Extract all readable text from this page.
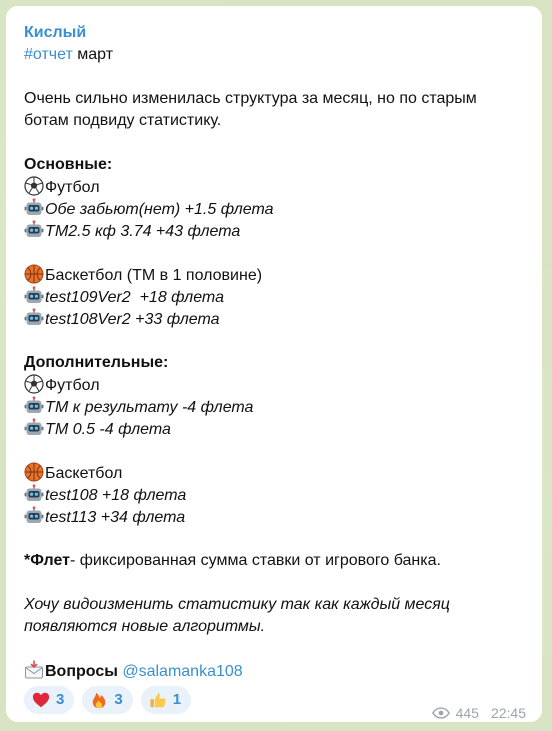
Кислый
#отчет март
Очень сильно изменилась структура за месяц, но по старым
ботам подвиду статистику.
Основные:
Футбол
Обе забьют(нет) +1.5 флета
ТМ2.5 кф 3.74 +43 флета
Баскетбол (ТМ в 1 половине)
test109Ver2  +18 флета
test108Ver2 +33 флета
Дополнительные:
Футбол
ТМ к результату -4 флета
ТМ 0.5 -4 флета
Баскетбол
test108 +18 флета
test113 +34 флета
*Флет- фиксированная сумма ставки от игрового банка.
Хочу видоизменить статистику так как каждый месяц
появляются новые алгоритмы.
Вопросы @salamanka108
3	3	1
445 22:45
